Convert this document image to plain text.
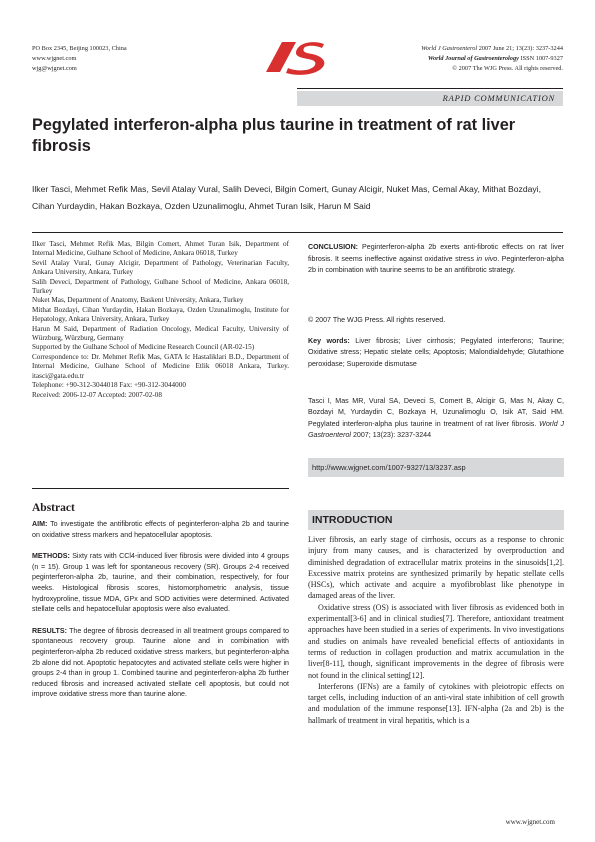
PO Box 2345, Beijing 100023, China
www.wjgnet.com
wjg@wjgnet.com
World J Gastroenterol 2007 June 21; 13(23): 3237-3244
World Journal of Gastroenterology ISSN 1007-9327
© 2007 The WJG Press. All rights reserved.
RAPID COMMUNICATION
Pegylated interferon-alpha plus taurine in treatment of rat liver fibrosis
Ilker Tasci, Mehmet Refik Mas, Sevil Atalay Vural, Salih Deveci, Bilgin Comert, Gunay Alcigir, Nuket Mas, Cemal Akay, Mithat Bozdayi, Cihan Yurdaydin, Hakan Bozkaya, Ozden Uzunalimoglu, Ahmet Turan Isik, Harun M Said

Ilker Tasci, Mehmet Refik Mas, Bilgin Comert, Ahmet Turan Isik, Department of Internal Medicine, Gulhane School of Medicine, Ankara 06018, Turkey

Sevil Atalay Vural, Gunay Alcigir, Department of Pathology, Veterinarian Faculty, Ankara University, Ankara, Turkey

Salih Deveci, Department of Pathology, Gulhane School of Medicine, Ankara 06018, Turkey

Nuket Mas, Department of Anatomy, Baskent University, Ankara, Turkey

Mithat Bozdayi, Cihan Yurdaydin, Hakan Bozkaya, Ozden Uzunalimoglu, Institute for Hepatology, Ankara University, Ankara, Turkey

Harun M Said, Department of Radiation Oncology, Medical Faculty, University of Würzburg, Würzburg, Germany

Supported by the Gulhane School of Medicine Research Council (AR-02-15)

Correspondence to: Dr. Mehmet Refik Mas, GATA Ic Hastaliklari B.D., Department of Internal Medicine, Gulhane School of Medicine Etlik 06018 Ankara, Turkey. itasci@gata.edu.tr

Telephone: +90-312-3044018 Fax: +90-312-3044000

Received: 2006-12-07 Accepted: 2007-02-08

CONCLUSION: Peginterferon-alpha 2b exerts anti-fibrotic effects on rat liver fibrosis. It seems ineffective against oxidative stress in vivo. Peginterferon-alpha 2b in combination with taurine seems to be an antifibrotic strategy.
© 2007 The WJG Press. All rights reserved.
Key words: Liver fibrosis; Liver cirrhosis; Pegylated interferons; Taurine; Oxidative stress; Hepatic stelate cells; Apoptosis; Malondialdehyde; Glutathione peroxidase; Superoxide dismutase
Tasci I, Mas MR, Vural SA, Deveci S, Comert B, Alcigir G, Mas N, Akay C, Bozdayi M, Yurdaydin C, Bozkaya H, Uzunalimoglu O, Isik AT, Said HM. Pegylated interferon-alpha plus taurine in treatment of rat liver fibrosis. World J Gastroenterol 2007; 13(23): 3237-3244
http://www.wjgnet.com/1007-9327/13/3237.asp
Abstract

AIM: To investigate the antifibrotic effects of peginterferon-alpha 2b and taurine on oxidative stress markers and hepatocellular apoptosis.

METHODS: Sixty rats with CCl4-induced liver fibrosis were divided into 4 groups (n = 15). Group 1 was left for spontaneous recovery (SR). Groups 2-4 received peginterferon-alpha 2b, taurine, and their combination, respectively, for four weeks. Histological fibrosis scores, histomorphometric analysis, tissue hydroxyproline, tissue MDA, GPx and SOD activities were determined. Activated stellate cells and hepatocellular apoptosis were also evaluated.

RESULTS: The degree of fibrosis decreased in all treatment groups compared to spontaneous recovery group. Taurine alone and in combination with peginterferon-alpha 2b reduced oxidative stress markers, but peginterferon-alpha 2b alone did not. Apoptotic hepatocytes and activated stellate cells were higher in groups 2-4 than in group 1. Combined taurine and peginterferon-alpha 2b further reduced fibrosis and increased activated stellate cell apoptosis, but could not improve oxidative stress more than taurine alone.

INTRODUCTION

Liver fibrosis, an early stage of cirrhosis, occurs as a response to chronic injury from many causes, and is characterized by overproduction and diminished degradation of extracellular matrix proteins in the sinusoids[1,2]. Excessive matrix proteins are synthesized primarily by hepatic stellate cells (HSCs), which activate and acquire a myofibroblast like phenotype in damaged areas of the liver.

Oxidative stress (OS) is associated with liver fibrosis as evidenced both in experimental[3-6] and in clinical studies[7]. Therefore, antioxidant treatment approaches have been studied in a series of experiments. In vivo investigations and studies on animals have revealed beneficial effects of antioxidants in terms of reduction in collagen production and matrix accumulation in the liver[8-11], though, significant improvements in the degree of fibrosis were not found in the clinical setting[12].

Interferons (IFNs) are a family of cytokines with pleiotropic effects on target cells, including induction of an anti-viral state inhibition of cell growth and modulation of the immune response[13]. IFN-alpha (2a and 2b) is the hallmark of treatment in viral hepatitis, which is a

www.wjgnet.com
